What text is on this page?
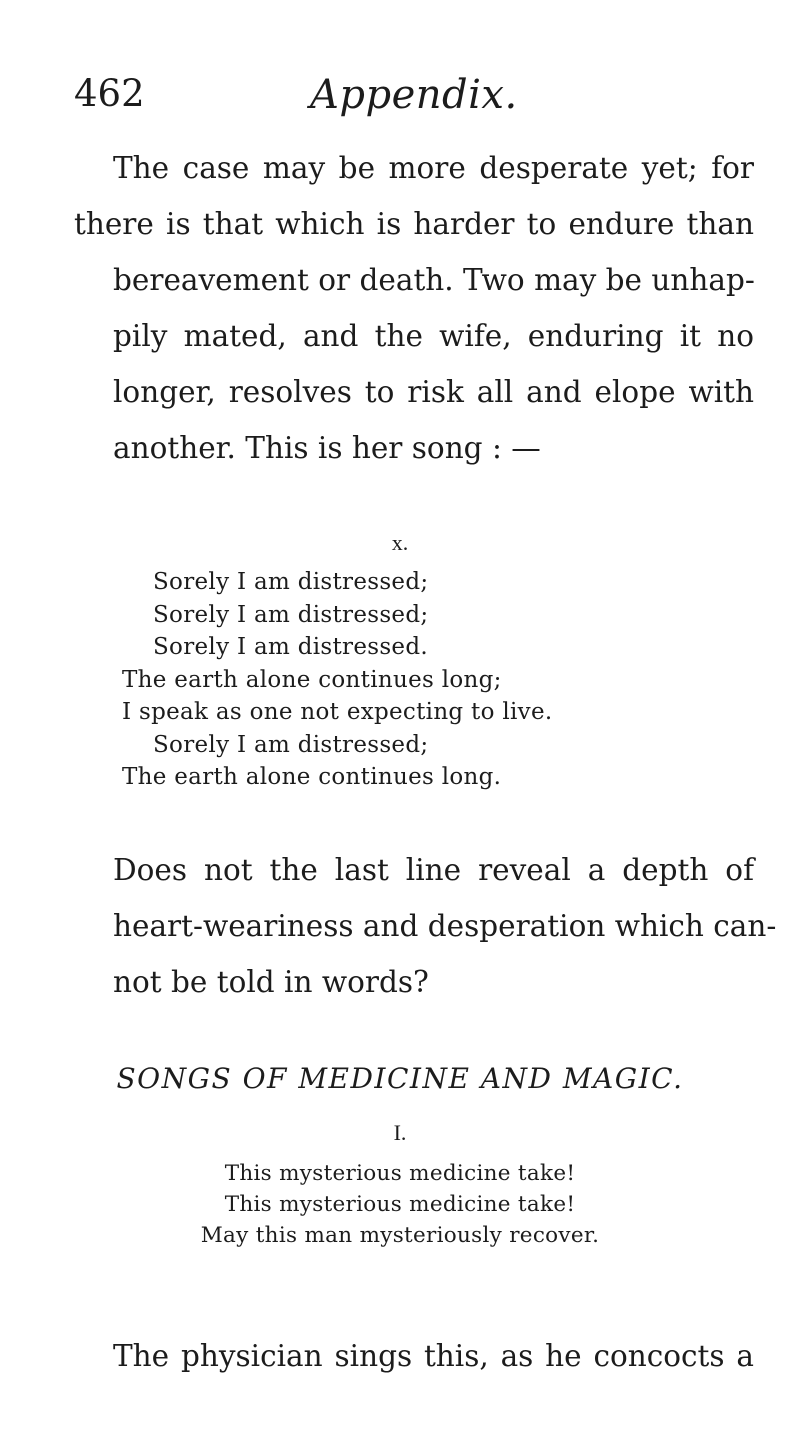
462	Appendix.

The case may be more desperate yet; for
there is that which is harder to endure than
bereavement or death. Two may be unhap-
pily mated, and the wife, enduring it no
longer, resolves to risk all and elope with
another. This is her song : —

x.
Sorely I am distressed;
Sorely I am distressed;
Sorely I am distressed.
The earth alone continues long;
I speak as one not expecting to live.
Sorely I am distressed;
The earth alone continues long.

Does not the last line reveal a depth of
heart-weariness and desperation which can-
not be told in words?

SONGS OF MEDICINE AND MAGIC.
I.
This mysterious medicine take!
This mysterious medicine take!
May this man mysteriously recover.

The physician sings this, as he concocts a
